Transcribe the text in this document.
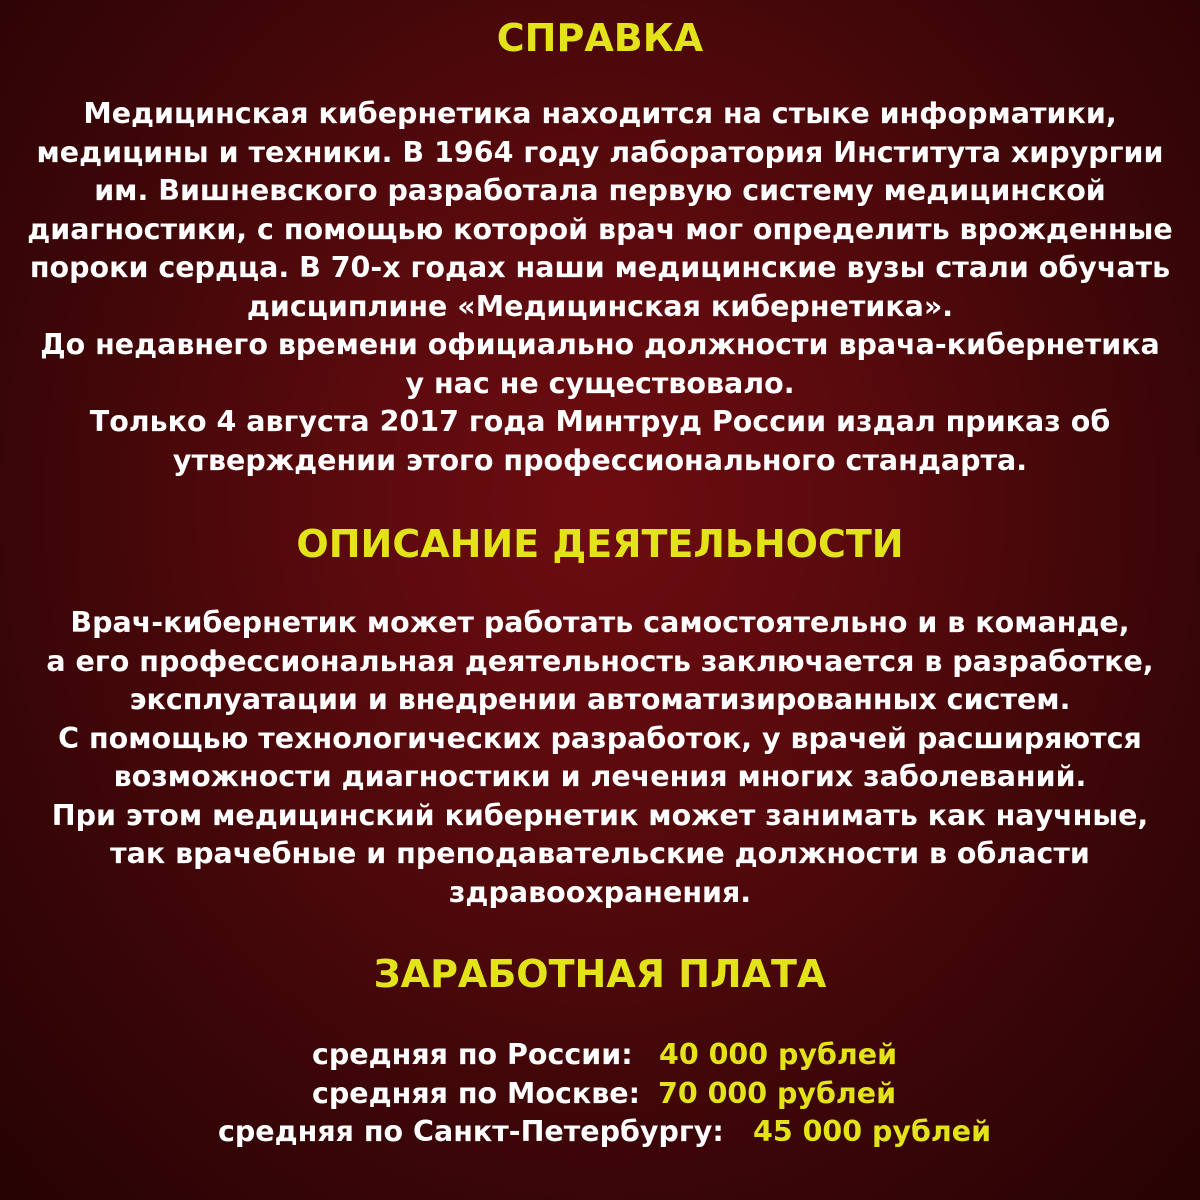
СПРАВКА
Медицинская кибернетика находится на стыке информатики,
медицины и техники. В 1964 году лаборатория Института хирургии
им. Вишневского разработала первую систему медицинской
диагностики, с помощью которой врач мог определить врожденные
пороки сердца. В 70-х годах наши медицинские вузы стали обучать
дисциплине «Медицинская кибернетика».
До недавнего времени официально должности врача-кибернетика
у нас не существовало.
Только 4 августа 2017 года Минтруд России издал приказ об
утверждении этого профессионального стандарта.
ОПИСАНИЕ ДЕЯТЕЛЬНОСТИ
Врач-кибернетик может работать самостоятельно и в команде,
а его профессиональная деятельность заключается в разработке,
эксплуатации и внедрении автоматизированных систем.
С помощью технологических разработок, у врачей расширяются
возможности диагностики и лечения многих заболеваний.
При этом медицинский кибернетик может занимать как научные,
так врачебные и преподавательские должности в области
здравоохранения.
ЗАРАБОТНАЯ ПЛАТА
средняя по России: 40 000 рублей
средняя по Москве: 70 000 рублей
средняя по Санкт-Петербургу: 45 000 рублей
